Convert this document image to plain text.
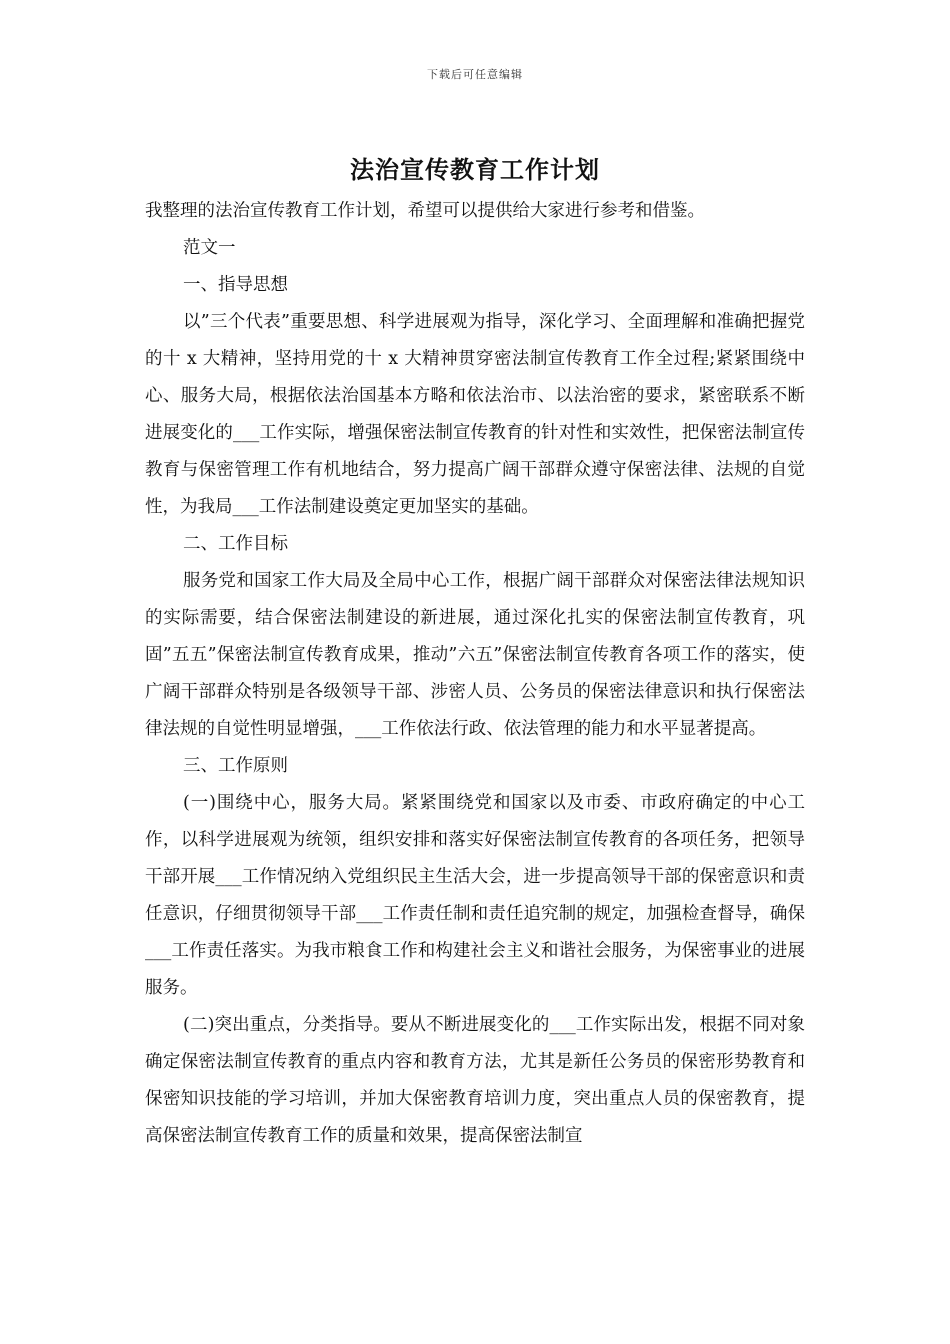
下载后可任意编辑
法治宣传教育工作计划

我整理的法治宣传教育工作计划，希望可以提供给大家进行参考和借鉴。

范文一

一、指导思想

以”三个代表”重要思想、科学进展观为指导，深化学习、全面理解和准确把握党的十 x 大精神，坚持用党的十 x 大精神贯穿密法制宣传教育工作全过程;紧紧围绕中心、服务大局，根据依法治国基本方略和依法治市、以法治密的要求，紧密联系不断进展变化的___工作实际，增强保密法制宣传教育的针对性和实效性，把保密法制宣传教育与保密管理工作有机地结合，努力提高广阔干部群众遵守保密法律、法规的自觉性，为我局___工作法制建设奠定更加坚实的基础。

二、工作目标

服务党和国家工作大局及全局中心工作，根据广阔干部群众对保密法律法规知识的实际需要，结合保密法制建设的新进展，通过深化扎实的保密法制宣传教育，巩固”五五”保密法制宣传教育成果，推动”六五”保密法制宣传教育各项工作的落实，使广阔干部群众特别是各级领导干部、涉密人员、公务员的保密法律意识和执行保密法律法规的自觉性明显增强，___工作依法行政、依法管理的能力和水平显著提高。

三、工作原则

(一)围绕中心，服务大局。紧紧围绕党和国家以及市委、市政府确定的中心工作，以科学进展观为统领，组织安排和落实好保密法制宣传教育的各项任务，把领导干部开展___工作情况纳入党组织民主生活大会，进一步提高领导干部的保密意识和责任意识，仔细贯彻领导干部___工作责任制和责任追究制的规定，加强检查督导，确保___工作责任落实。为我市粮食工作和构建社会主义和谐社会服务，为保密事业的进展服务。

(二)突出重点，分类指导。要从不断进展变化的___工作实际出发，根据不同对象确定保密法制宣传教育的重点内容和教育方法，尤其是新任公务员的保密形势教育和保密知识技能的学习培训，并加大保密教育培训力度，突出重点人员的保密教育，提高保密法制宣传教育工作的质量和效果，提高保密法制宣
